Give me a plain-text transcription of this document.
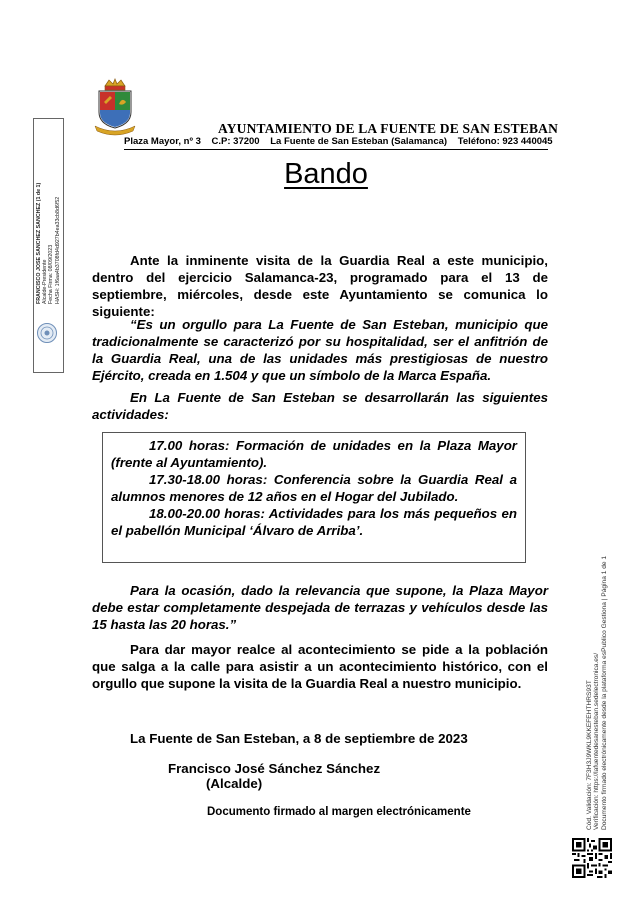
AYUNTAMIENTO DE LA FUENTE DE SAN ESTEBAN
Plaza Mayor, nº 3 C.P: 37200 La Fuente de San Esteban (Salamanca) Teléfono: 923 440045
Bando
Ante la inminente visita de la Guardia Real a este municipio, dentro del ejercicio Salamanca-23, programado para el 13 de septiembre, miércoles, desde este Ayuntamiento se comunica lo siguiente:
“Es un orgullo para La Fuente de San Esteban, municipio que tradicionalmente se caracterizó por su hospitalidad, ser el anfitrión de la Guardia Real, una de las unidades más prestigiosas de nuestro Ejército, creada en 1.504 y que un símbolo de la Marca España.
En La Fuente de San Esteban se desarrollarán las siguientes actividades:
17.00 horas: Formación de unidades en la Plaza Mayor (frente al Ayuntamiento).
17.30-18.00 horas: Conferencia sobre la Guardia Real a alumnos menores de 12 años en el Hogar del Jubilado.
18.00-20.00 horas: Actividades para los más pequeños en el pabellón Municipal ‘Álvaro de Arriba’.
Para la ocasión, dado la relevancia que supone, la Plaza Mayor debe estar completamente despejada de terrazas y vehículos desde las 15 hasta las 20 horas.”
Para dar mayor realce al acontecimiento se pide a la población que salga a la calle para asistir a un acontecimiento histórico, con el orgullo que supone la visita de la Guardia Real a nuestro municipio.
La Fuente de San Esteban, a 8 de septiembre de 2023
Francisco José Sánchez Sánchez
(Alcalde)
Documento firmado al margen electrónicamente
FRANCISCO JOSE SANCHEZ SANCHEZ (1 de 1) Alcalde-Presidente Fecha Firma: 08/09/2023 HASH: 1f6aa4b3708fd4d927b4ea33cb8d6f52
Cód. Validación: 7F3H3J9WKL9KKEFEHTHRS93T Verificación: https://lafuentedesanesteban.sedelectronica.es/ Documento firmado electrónicamente desde la plataforma esPublico Gestiona | Página 1 de 1
